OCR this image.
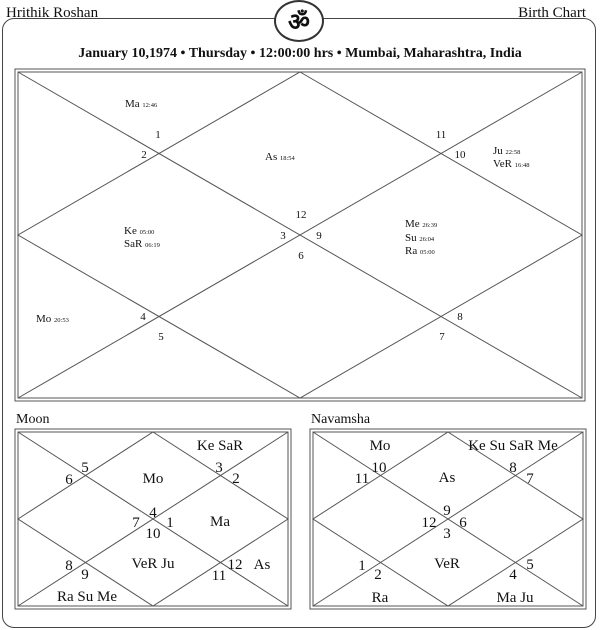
Hrithik Roshan	Birth Chart
ॐ
January 10,1974 • Thursday • 12:00:00 hrs • Mumbai, Maharashtra, India
1
2
12
3	9
6
11
10
4
5
8
7
Ma 12:46
As 18:54
Ju 22:58
VeR 16:48
Ke 05:00
SaR 06:19
Me 26:39
Su 26:04
Ra 05:00
Mo 20:53
Moon	Navamsha
5
6
3
2
4
7 1
10
9
8	12
11
Ke SaR
Mo
Ma
VeR Ju	As
Ra Su Me
10
11
8
7
9
12 6
3
2
1	5
4
Mo	Ke Su SaR Me
As
VeR
Ra	Ma Ju
